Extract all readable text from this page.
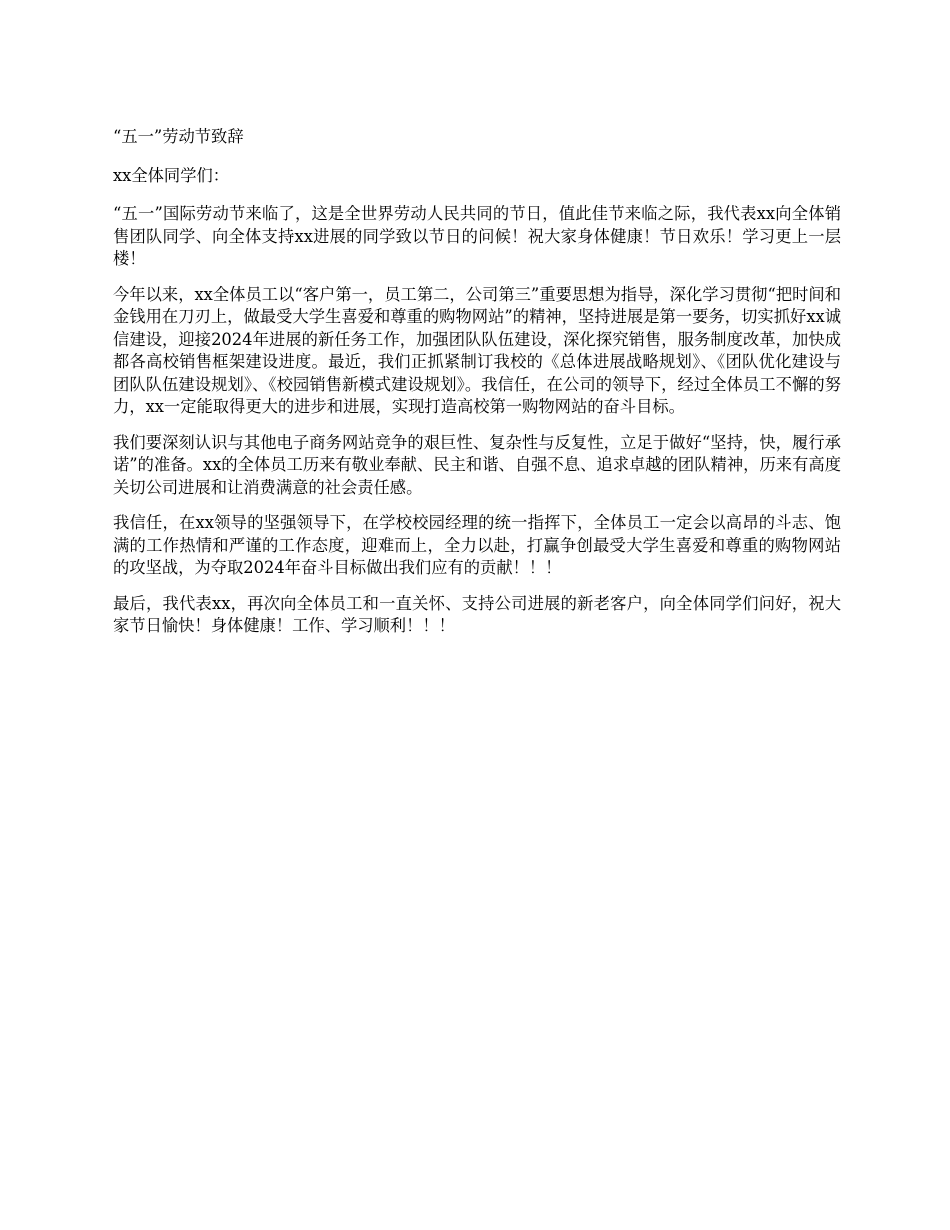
“五一”劳动节致辞

xx全体同学们：

“五一”国际劳动节来临了，这是全世界劳动人民共同的节日，值此佳节来临之际，我代表xx向全体销售团队同学、向全体支持xx进展的同学致以节日的问候！祝大家身体健康！节日欢乐！学习更上一层楼！

今年以来，xx全体员工以“客户第一，员工第二，公司第三”重要思想为指导，深化学习贯彻“把时间和金钱用在刀刃上，做最受大学生喜爱和尊重的购物网站”的精神，坚持进展是第一要务，切实抓好xx诚信建设，迎接2024年进展的新任务工作，加强团队队伍建设，深化探究销售，服务制度改革，加快成都各高校销售框架建设进度。最近，我们正抓紧制订我校的《总体进展战略规划》、《团队优化建设与团队队伍建设规划》、《校园销售新模式建设规划》。我信任，在公司的领导下，经过全体员工不懈的努力，xx一定能取得更大的进步和进展，实现打造高校第一购物网站的奋斗目标。

我们要深刻认识与其他电子商务网站竞争的艰巨性、复杂性与反复性，立足于做好“坚持，快，履行承诺”的准备。xx的全体员工历来有敬业奉献、民主和谐、自强不息、追求卓越的团队精神，历来有高度关切公司进展和让消费满意的社会责任感。

我信任，在xx领导的坚强领导下，在学校校园经理的统一指挥下，全体员工一定会以高昂的斗志、饱满的工作热情和严谨的工作态度，迎难而上，全力以赴，打赢争创最受大学生喜爱和尊重的购物网站的攻坚战，为夺取2024年奋斗目标做出我们应有的贡献！！！

最后，我代表xx，再次向全体员工和一直关怀、支持公司进展的新老客户，向全体同学们问好，祝大家节日愉快！身体健康！工作、学习顺利！！！
